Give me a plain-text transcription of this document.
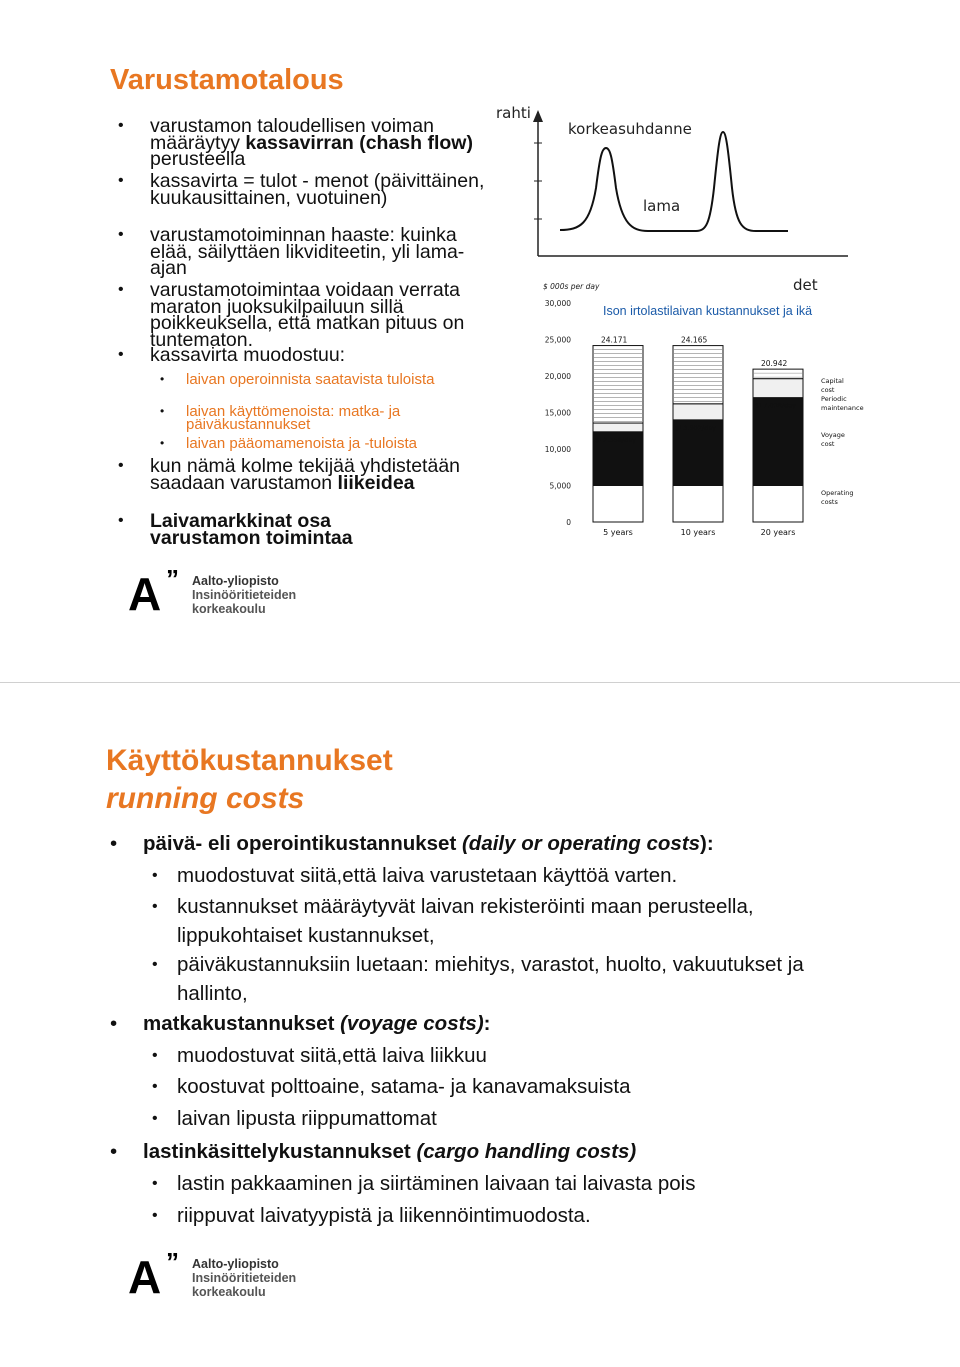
Varustamotalous
• varustamon taloudellisen voiman määräytyy kassavirran (chash flow) perusteella
• kassavirta = tulot - menot (päivittäinen, kuukausittainen, vuotuinen)
• varustamotoiminnan haaste: kuinka elää, säilyttäen likviditeetin, yli lama-ajan
• varustamotoimintaa voidaan verrata maraton juoksukilpailuun sillä poikkeuksella, että matkan pituus on tuntematon.
• kassavirta muodostuu:
• laivan operoinnista saatavista tuloista
• laivan käyttömenoista: matka- ja päiväkustannukset
• laivan pääomamenoista ja -tuloista
• kun nämä kolme tekijää yhdistetään saadaan varustamon liikeidea
• Laivamarkkinat osa varustamon toimintaa
rahti
korkeasuhdanne
lama
det
Ison irtolastilaivan kustannukset ja ikä
$ 000s per day
0
5,000
10,000
15,000
20,000
25,000
30,000
24.171
5 years
$12.356/day
24.165
10 years
$13.992/day
20.942
20 years
$17.038/day
Capital
cost
Periodic
maintenance
Voyage
cost
Operating
costs
A ” Aalto-yliopisto
Insinööritieteiden
korkeakoulu
Käyttökustannukset
running costs
• päivä- eli operointikustannukset (daily or operating costs):
• muodostuvat siitä,että laiva varustetaan käyttöä varten.
• kustannukset määräytyvät laivan rekisteröinti maan perusteella, lippukohtaiset kustannukset,
• päiväkustannuksiin luetaan: miehitys, varastot, huolto, vakuutukset ja hallinto,
• matkakustannukset (voyage costs):
• muodostuvat siitä,että laiva liikkuu
• koostuvat polttoaine, satama- ja kanavamaksuista
• laivan lipusta riippumattomat
• lastinkäsittelykustannukset (cargo handling costs)
• lastin pakkaaminen ja siirtäminen laivaan tai laivasta pois
• riippuvat laivatyypistä ja liikennöintimuodosta.
A ” Aalto-yliopisto
Insinööritieteiden
korkeakoulu
